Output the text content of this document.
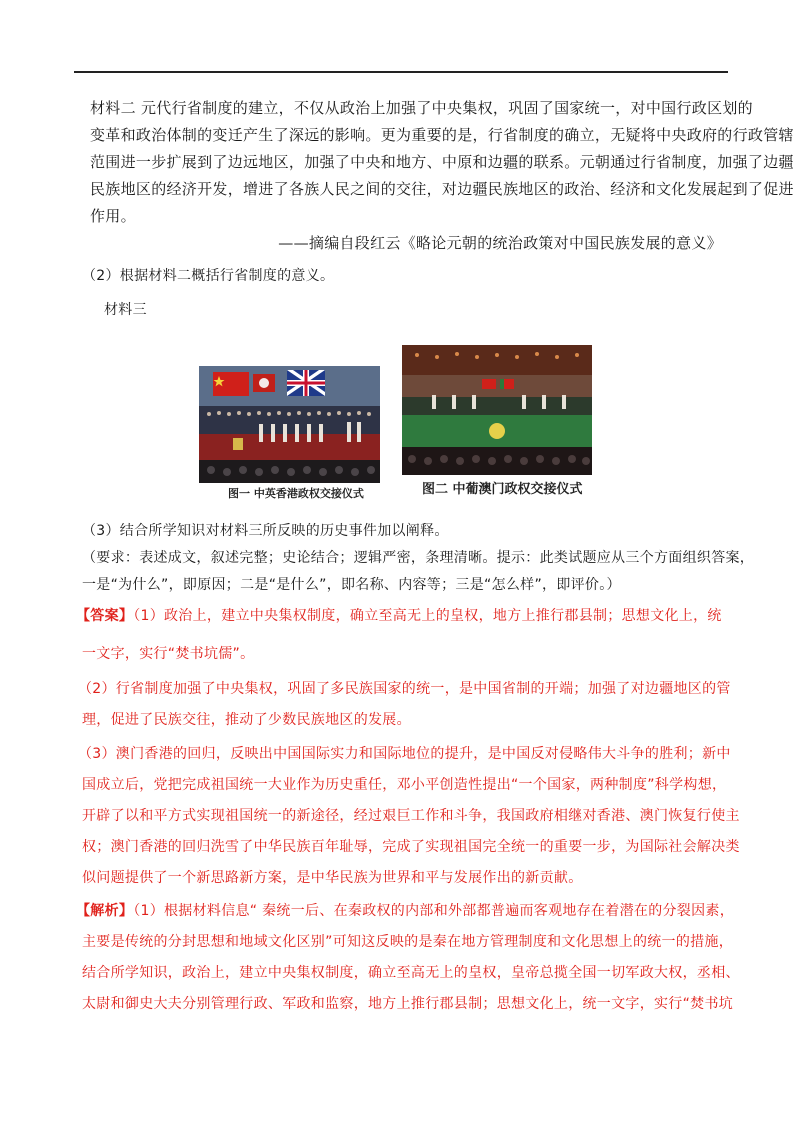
材料二 元代行省制度的建立，不仅从政治上加强了中央集权，巩固了国家统一，对中国行政区划的
变革和政治体制的变迁产生了深远的影响。更为重要的是，行省制度的确立，无疑将中央政府的行政管辖
范围进一步扩展到了边远地区，加强了中央和地方、中原和边疆的联系。元朝通过行省制度，加强了边疆
民族地区的经济开发，增进了各族人民之间的交往，对边疆民族地区的政治、经济和文化发展起到了促进
作用。
——摘编自段红云《略论元朝的统治政策对中国民族发展的意义》
（2）根据材料二概括行省制度的意义。
材料三
图一 中英香港政权交接仪式	图二 中葡澳门政权交接仪式
（3）结合所学知识对材料三所反映的历史事件加以阐释。
（要求：表述成文，叙述完整；史论结合；逻辑严密，条理清晰。提示：此类试题应从三个方面组织答案，
一是“为什么”，即原因；二是“是什么”，即名称、内容等；三是“怎么样”，即评价。）
【答案】（1）政治上，建立中央集权制度，确立至高无上的皇权，地方上推行郡县制；思想文化上，统
一文字，实行“焚书坑儒”。
（2）行省制度加强了中央集权，巩固了多民族国家的统一，是中国省制的开端；加强了对边疆地区的管
理，促进了民族交往，推动了少数民族地区的发展。
（3）澳门香港的回归，反映出中国国际实力和国际地位的提升，是中国反对侵略伟大斗争的胜利；新中
国成立后，党把完成祖国统一大业作为历史重任，邓小平创造性提出“一个国家，两种制度”科学构想，
开辟了以和平方式实现祖国统一的新途径，经过艰巨工作和斗争，我国政府相继对香港、澳门恢复行使主
权；澳门香港的回归洗雪了中华民族百年耻辱，完成了实现祖国完全统一的重要一步，为国际社会解决类
似问题提供了一个新思路新方案，是中华民族为世界和平与发展作出的新贡献。
【解析】（1）根据材料信息“ 秦统一后、在秦政权的内部和外部都普遍而客观地存在着潜在的分裂因素，
主要是传统的分封思想和地域文化区别”可知这反映的是秦在地方管理制度和文化思想上的统一的措施，
结合所学知识，政治上，建立中央集权制度，确立至高无上的皇权，皇帝总揽全国一切军政大权，丞相、
太尉和御史大夫分别管理行政、军政和监察，地方上推行郡县制；思想文化上，统一文字，实行“焚书坑
